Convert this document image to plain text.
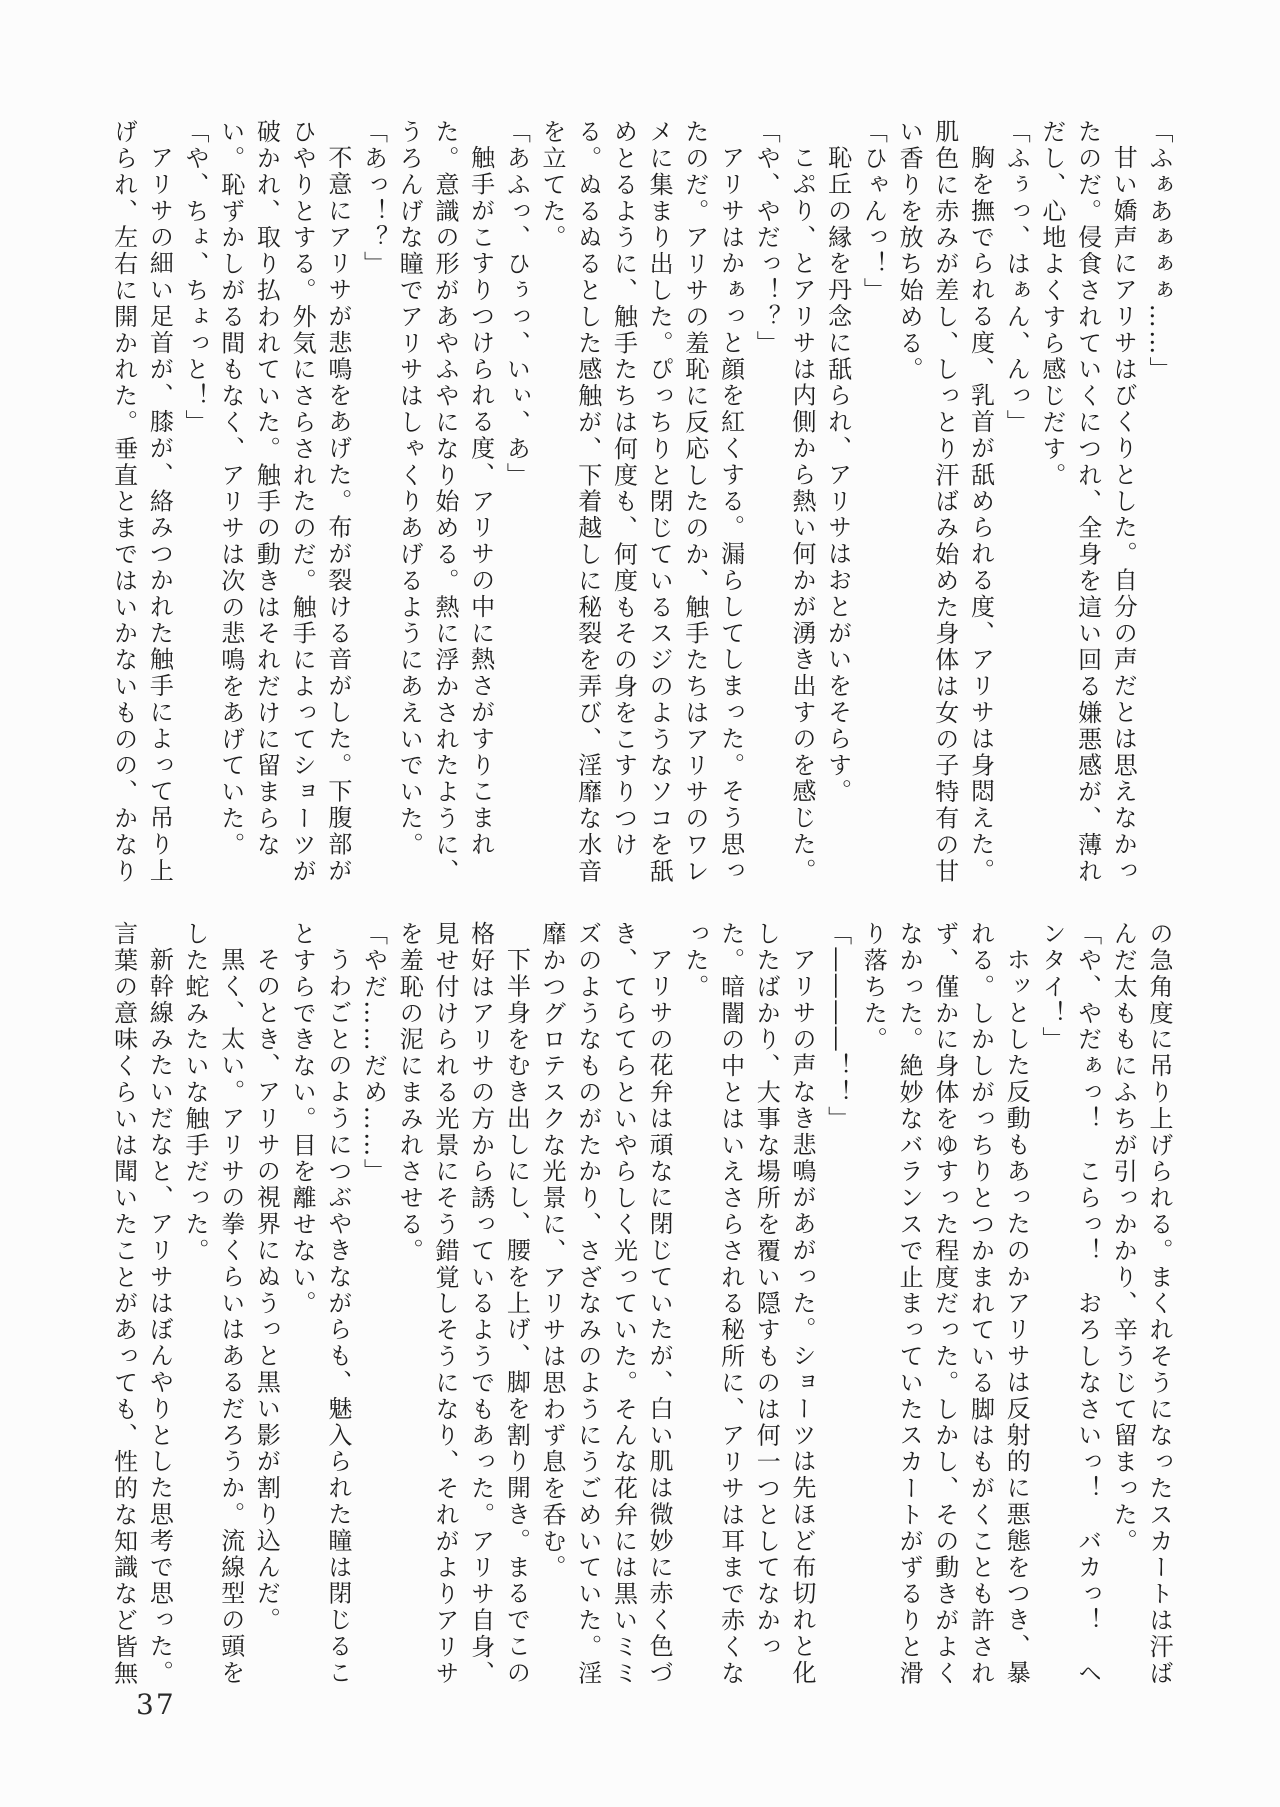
「ふぁあぁぁぁ……」
甘い嬌声にアリサはびくりとした。自分の声だとは思えなかっ
たのだ。侵食されていくにつれ、全身を這い回る嫌悪感が、薄れ
だし、心地よくすら感じだす。
「ふぅっ、はぁん、んっ」
胸を撫でられる度、乳首が舐められる度、アリサは身悶えた。
肌色に赤みが差し、しっとり汗ばみ始めた身体は女の子特有の甘
い香りを放ち始める。
「ひゃんっ！」
恥丘の縁を丹念に舐られ、アリサはおとがいをそらす。
こぷり、とアリサは内側から熱い何かが湧き出すのを感じた。
「や、やだっ！？」
アリサはかぁっと顔を紅くする。漏らしてしまった。そう思っ
たのだ。アリサの羞恥に反応したのか、触手たちはアリサのワレ
メに集まり出した。ぴっちりと閉じているスジのようなソコを舐
めとるように、触手たちは何度も、何度もその身をこすりつけ
る。ぬるぬるとした感触が、下着越しに秘裂を弄び、淫靡な水音
を立てた。
「あふっ、ひぅっ、いぃ、あ」
触手がこすりつけられる度、アリサの中に熱さがすりこまれ
た。意識の形があやふやになり始める。熱に浮かされたように、
うろんげな瞳でアリサはしゃくりあげるようにあえいでいた。
「あっ！？」
不意にアリサが悲鳴をあげた。布が裂ける音がした。下腹部が
ひやりとする。外気にさらされたのだ。触手によってショーツが
破かれ、取り払われていた。触手の動きはそれだけに留まらな
い。恥ずかしがる間もなく、アリサは次の悲鳴をあげていた。
「や、ちょ、ちょっと！」
アリサの細い足首が、膝が、絡みつかれた触手によって吊り上
げられ、左右に開かれた。垂直とまではいかないものの、かなり
の急角度に吊り上げられる。まくれそうになったスカートは汗ば
んだ太ももにふちが引っかかり、辛うじて留まった。
「や、やだぁっ！　こらっ！　おろしなさいっ！　バカっ！　ヘ
ンタイ！」
ホッとした反動もあったのかアリサは反射的に悪態をつき、暴
れる。しかしがっちりとつかまれている脚はもがくことも許され
ず、僅かに身体をゆすった程度だった。しかし、その動きがよく
なかった。絶妙なバランスで止まっていたスカートがずるりと滑
り落ちた。
「――――！！」
アリサの声なき悲鳴があがった。ショーツは先ほど布切れと化
したばかり、大事な場所を覆い隠すものは何一つとしてなかっ
た。暗闇の中とはいえさらされる秘所に、アリサは耳まで赤くな
った。
アリサの花弁は頑なに閉じていたが、白い肌は微妙に赤く色づ
き、てらてらといやらしく光っていた。そんな花弁には黒いミミ
ズのようなものがたかり、さざなみのようにうごめいていた。淫
靡かつグロテスクな光景に、アリサは思わず息を呑む。
下半身をむき出しにし、腰を上げ、脚を割り開き。まるでこの
格好はアリサの方から誘っているようでもあった。アリサ自身、
見せ付けられる光景にそう錯覚しそうになり、それがよりアリサ
を羞恥の泥にまみれさせる。
「やだ……だめ……」
うわごとのようにつぶやきながらも、魅入られた瞳は閉じるこ
とすらできない。目を離せない。
そのとき、アリサの視界にぬうっと黒い影が割り込んだ。
黒く、太い。アリサの拳くらいはあるだろうか。流線型の頭を
した蛇みたいな触手だった。
新幹線みたいだなと、アリサはぼんやりとした思考で思った。
言葉の意味くらいは聞いたことがあっても、性的な知識など皆無
37
